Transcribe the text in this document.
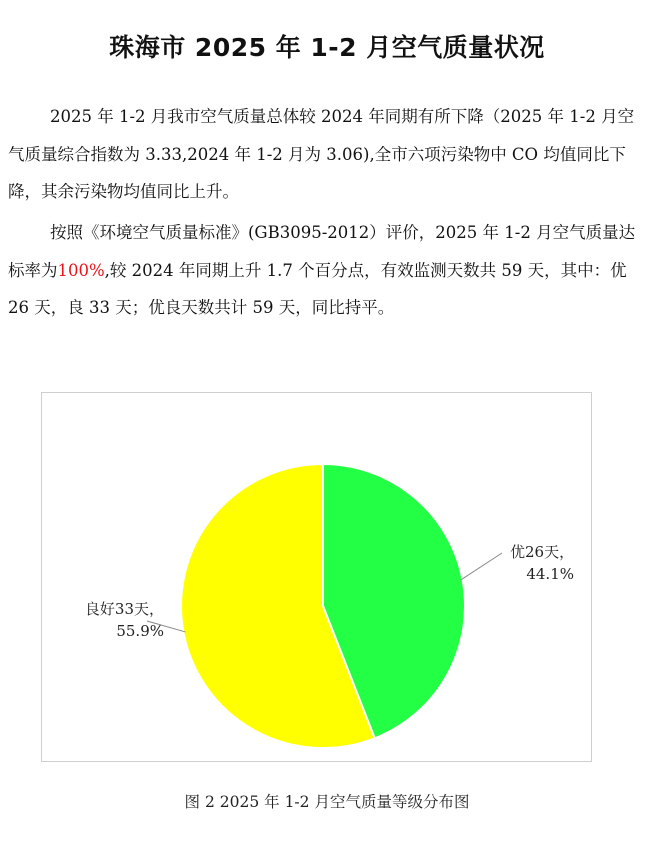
珠海市 2025 年 1-2 月空气质量状况
2025 年 1-2 月我市空气质量总体较 2024 年同期有所下降（2025 年 1-2 月空气质量综合指数为 3.33,2024 年 1-2 月为 3.06),全市六项污染物中 CO 均值同比下降，其余污染物均值同比上升。
按照《环境空气质量标准》(GB3095-2012）评价，2025 年 1-2 月空气质量达标率为100%,较 2024 年同期上升 1.7 个百分点，有效监测天数共 59 天，其中：优 26 天，良 33 天；优良天数共计 59 天，同比持平。
良好33天，
55.9%
优26天，
44.1%
图 2 2025 年 1-2 月空气质量等级分布图
